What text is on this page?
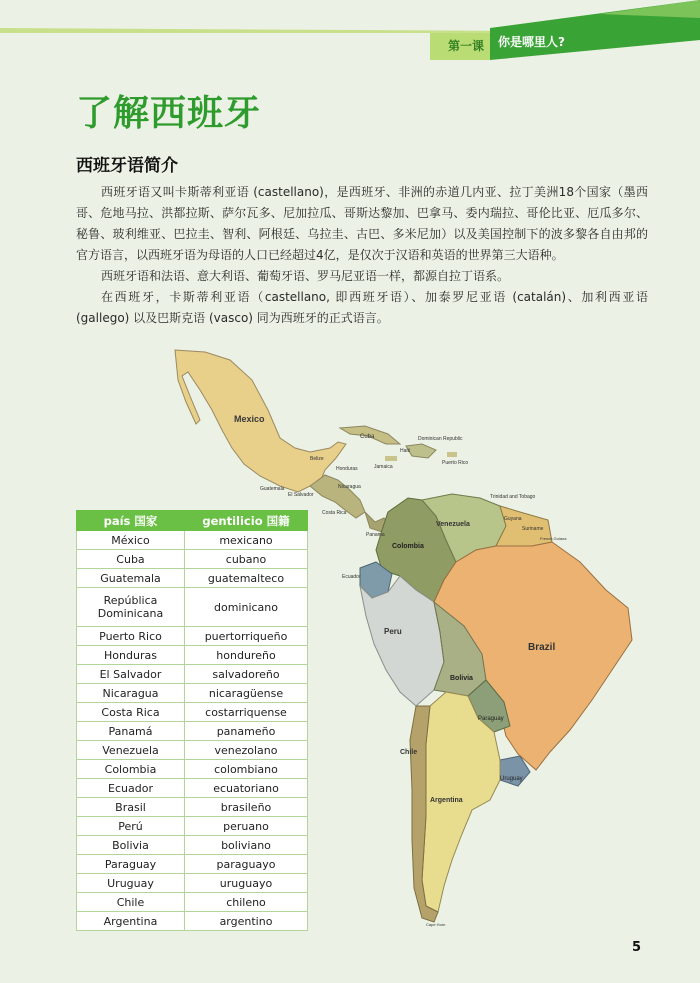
第一课 你是哪里人?
了解西班牙
西班牙语简介

西班牙语又叫卡斯蒂利亚语 (castellano)，是西班牙、非洲的赤道几内亚、拉丁美洲18个国家（墨西哥、危地马拉、洪都拉斯、萨尔瓦多、尼加拉瓜、哥斯达黎加、巴拿马、委内瑞拉、哥伦比亚、厄瓜多尔、秘鲁、玻利维亚、巴拉圭、智利、阿根廷、乌拉圭、古巴、多米尼加）以及美国控制下的波多黎各自由邦的官方语言，以西班牙语为母语的人口已经超过4亿，是仅次于汉语和英语的世界第三大语种。

西班牙语和法语、意大利语、葡萄牙语、罗马尼亚语一样，都源自拉丁语系。

在西班牙，卡斯蒂利亚语（castellano, 即西班牙语）、加泰罗尼亚语 (catalán)、加利西亚语 (gallego) 以及巴斯克语 (vasco) 同为西班牙的正式语言。

Mexico
Cuba	Dominican Republic
Honduras
El Salvador
Costa Rica
Panama
Venezuela
Colombia
Ecuador
Peru
Brazil
Bolivia
Paraguay
Chile
Uruguay
Argentina
Guatemala	Nicaragua
Haiti
Jamaica
Puerto Rico
Belize
Trinidad and Tobago
Guyana
Suriname
French Guiana
Cape Horn
país 国家	gentilicio 国籍
México	mexicano
Cuba	cubano
Guatemala	guatemalteco
República Dominicana	dominicano
Puerto Rico	puertorriqueño
Honduras	hondureño
El Salvador	salvadoreño
Nicaragua	nicaragüense
Costa Rica	costarriquense
Panamá	panameño
Venezuela	venezolano
Colombia	colombiano
Ecuador	ecuatoriano
Brasil	brasileño
Perú	peruano
Bolivia	boliviano
Paraguay	paraguayo
Uruguay	uruguayo
Chile	chileno
Argentina	argentino
5
